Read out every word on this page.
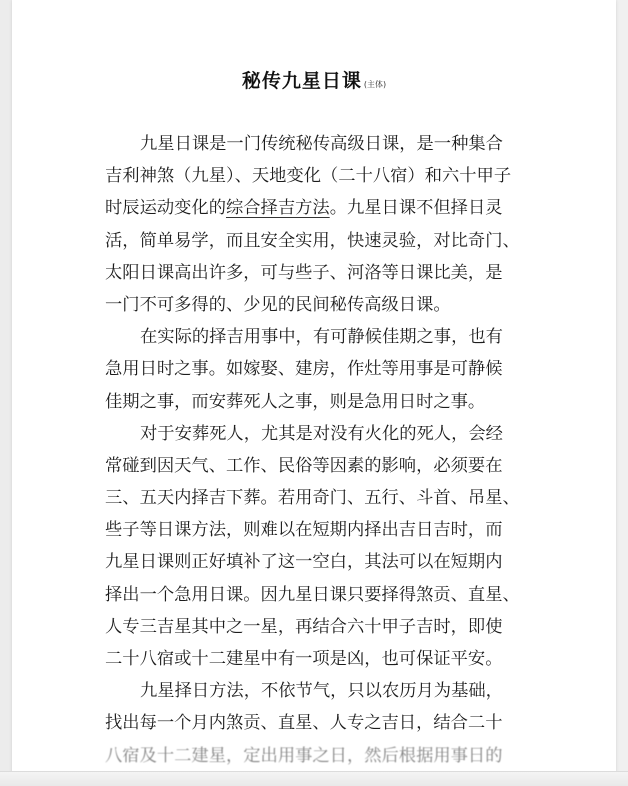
秘传九星日课 (主体)
九星日课是一门传统秘传高级日课，是一种集合
吉利神煞（九星）、天地变化（二十八宿）和六十甲子
时辰运动变化的综合择吉方法。九星日课不但择日灵
活，简单易学，而且安全实用，快速灵验，对比奇门、
太阳日课高出许多，可与些子、河洛等日课比美，是
一门不可多得的、少见的民间秘传高级日课。
在实际的择吉用事中，有可静候佳期之事，也有
急用日时之事。如嫁娶、建房，作灶等用事是可静候
佳期之事，而安葬死人之事，则是急用日时之事。
对于安葬死人，尤其是对没有火化的死人，会经
常碰到因天气、工作、民俗等因素的影响，必须要在
三、五天内择吉下葬。若用奇门、五行、斗首、吊星、
些子等日课方法，则难以在短期内择出吉日吉时，而
九星日课则正好填补了这一空白，其法可以在短期内
择出一个急用日课。因九星日课只要择得煞贡、直星、
人专三吉星其中之一星，再结合六十甲子吉时，即使
二十八宿或十二建星中有一项是凶，也可保证平安。
九星择日方法，不依节气，只以农历月为基础，
找出每一个月内煞贡、直星、人专之吉日，结合二十
八宿及十二建星，定出用事之日，然后根据用事日的
